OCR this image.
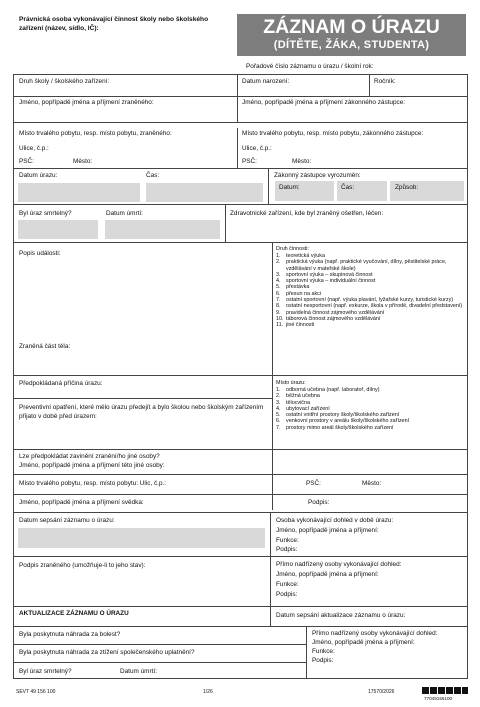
Právnická osoba vykonávající činnost školy nebo školského zařízení (název, sídlo, IČ):	ZÁZNAM O ÚRAZU
(DÍTĚTE, ŽÁKA, STUDENTA)
Pořadové číslo záznamu o úrazu / školní rok:
Druh školy / školského zařízení:	Datum narození:	Ročník:
Jméno, popřípadě jména a příjmení zraněného:	Jméno, popřípadě jména a příjmení zákonného zástupce:
Místo trvalého pobytu, resp. místo pobytu, zraněného:	Místo trvalého pobytu, resp. místo pobytu, zákonného zástupce:
Ulice, č.p.:	Ulice, č.p.:
PSČ:	Město:	PSČ:	Město:
Datum úrazu:	Čas:	Zákonný zástupce vyrozuměn:
Datum:	Čas:	Způsob:
Byl úraz smrtelný?	Datum úmrtí:	Zdravotnické zařízení, kde byl zraněný ošetřen, léčen:
Popis události:
Zraněná část těla:
Druh činnosti:
1.	teoretická výuka
2.	praktická výuka (např. praktické vyučování, dílny, pěstitelské práce, vzdělávání v mateřské škole)
3.	sportovní výuka – skupinová činnost
4.	sportovní výuka – individuální činnost
5.	přestávka
6.	přesun na akci
7.	ostatní sportovní (např. výuka plavání, lyžařské kurzy, turistické kurzy)
8.	ostatní nesportovní (např. exkurze, škola v přírodě, divadelní představení)
9.	pravidelná činnost zájmového vzdělávání
10. táborová činnost zájmového vzdělávání
11. jiné činnosti
Předpokládaná příčina úrazu:
Preventivní opatření, které mělo úrazu předejít a bylo školou nebo školským zařízením přijato v době před úrazem:
Místo úrazu:
1.	odborná učebna (např. laboratoř, dílny)
2.	běžná učebna
3.	tělocvična
4.	ubytovací zařízení
5.	ostatní vnitřní prostory školy/školského zařízení
6.	venkovní prostory v areálu školy/školského zařízení
7.	prostory mimo areál školy/školského zařízení
Lze předpokládat zavinění zranění/ho jiné osoby?
Jméno, popřípadě jména a příjmení této jiné osoby:
Místo trvalého pobytu, resp. místo pobytu: Ulic, č.p.:	PSČ:	Město:
Jméno, popřípadě jména a příjmení svědka:	Podpis:
Datum sepsání záznamu o úrazu:	Osoba vykonávající dohled v době úrazu:
Jméno, popřípadě jména a příjmení:
Funkce:
Podpis:
Podpis zraněného (umožňuje-li to jeho stav):	Přímo nadřízený osoby vykonávající dohled:
Jméno, popřípadě jména a příjmení:
Funkce:
Podpis:
AKTUALIZACE ZÁZNAMU O ÚRAZU	Datum sepsání aktualizace záznamu o úrazu:
Byla poskytnuta náhrada za bolest?
Byla poskytnuta náhrada za ztížení společenského uplatnění?
Byl úraz smrtelný?	Datum úmrtí:
Přímo nadřízený osoby vykonávající dohled:
Jméno, popřípadě jména a příjmení:
Funkce:
Podpis:
SEVT 49 156 100	1/26	17570/2026
77049156100
